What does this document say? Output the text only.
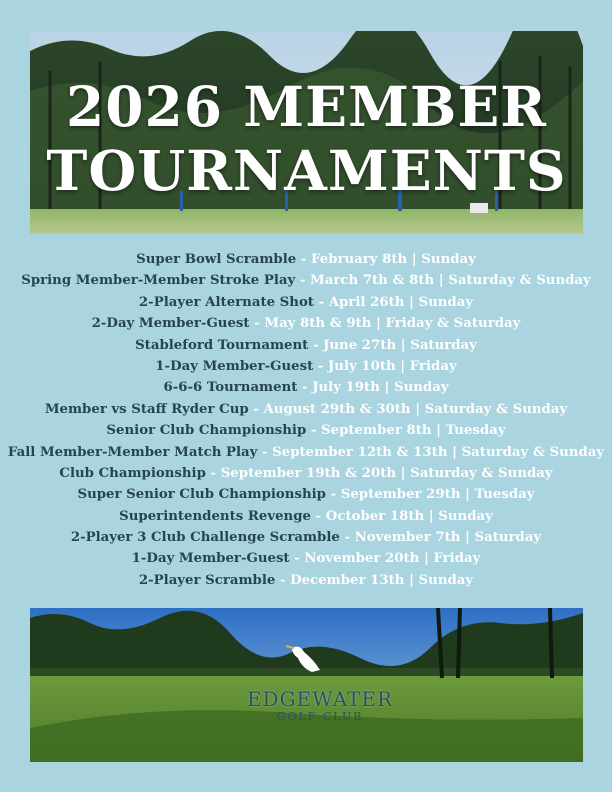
2026 MEMBER
TOURNAMENTS
Super Bowl Scramble - February 8th | Sunday
Spring Member-Member Stroke Play - March 7th & 8th | Saturday & Sunday
2-Player Alternate Shot - April 26th | Sunday
2-Day Member-Guest - May 8th & 9th | Friday & Saturday
Stableford Tournament - June 27th | Saturday
1-Day Member-Guest - July 10th | Friday
6-6-6 Tournament - July 19th | Sunday
Member vs Staff Ryder Cup - August 29th & 30th | Saturday & Sunday
Senior Club Championship - September 8th | Tuesday
Fall Member-Member Match Play - September 12th & 13th | Saturday & Sunday
Club Championship - September 19th & 20th | Saturday & Sunday
Super Senior Club Championship - September 29th | Tuesday
Superintendents Revenge - October 18th | Sunday
2-Player 3 Club Challenge Scramble - November 7th | Saturday
1-Day Member-Guest - November 20th | Friday
2-Player Scramble - December 13th | Sunday
EDGEWATER
GOLF CLUB
